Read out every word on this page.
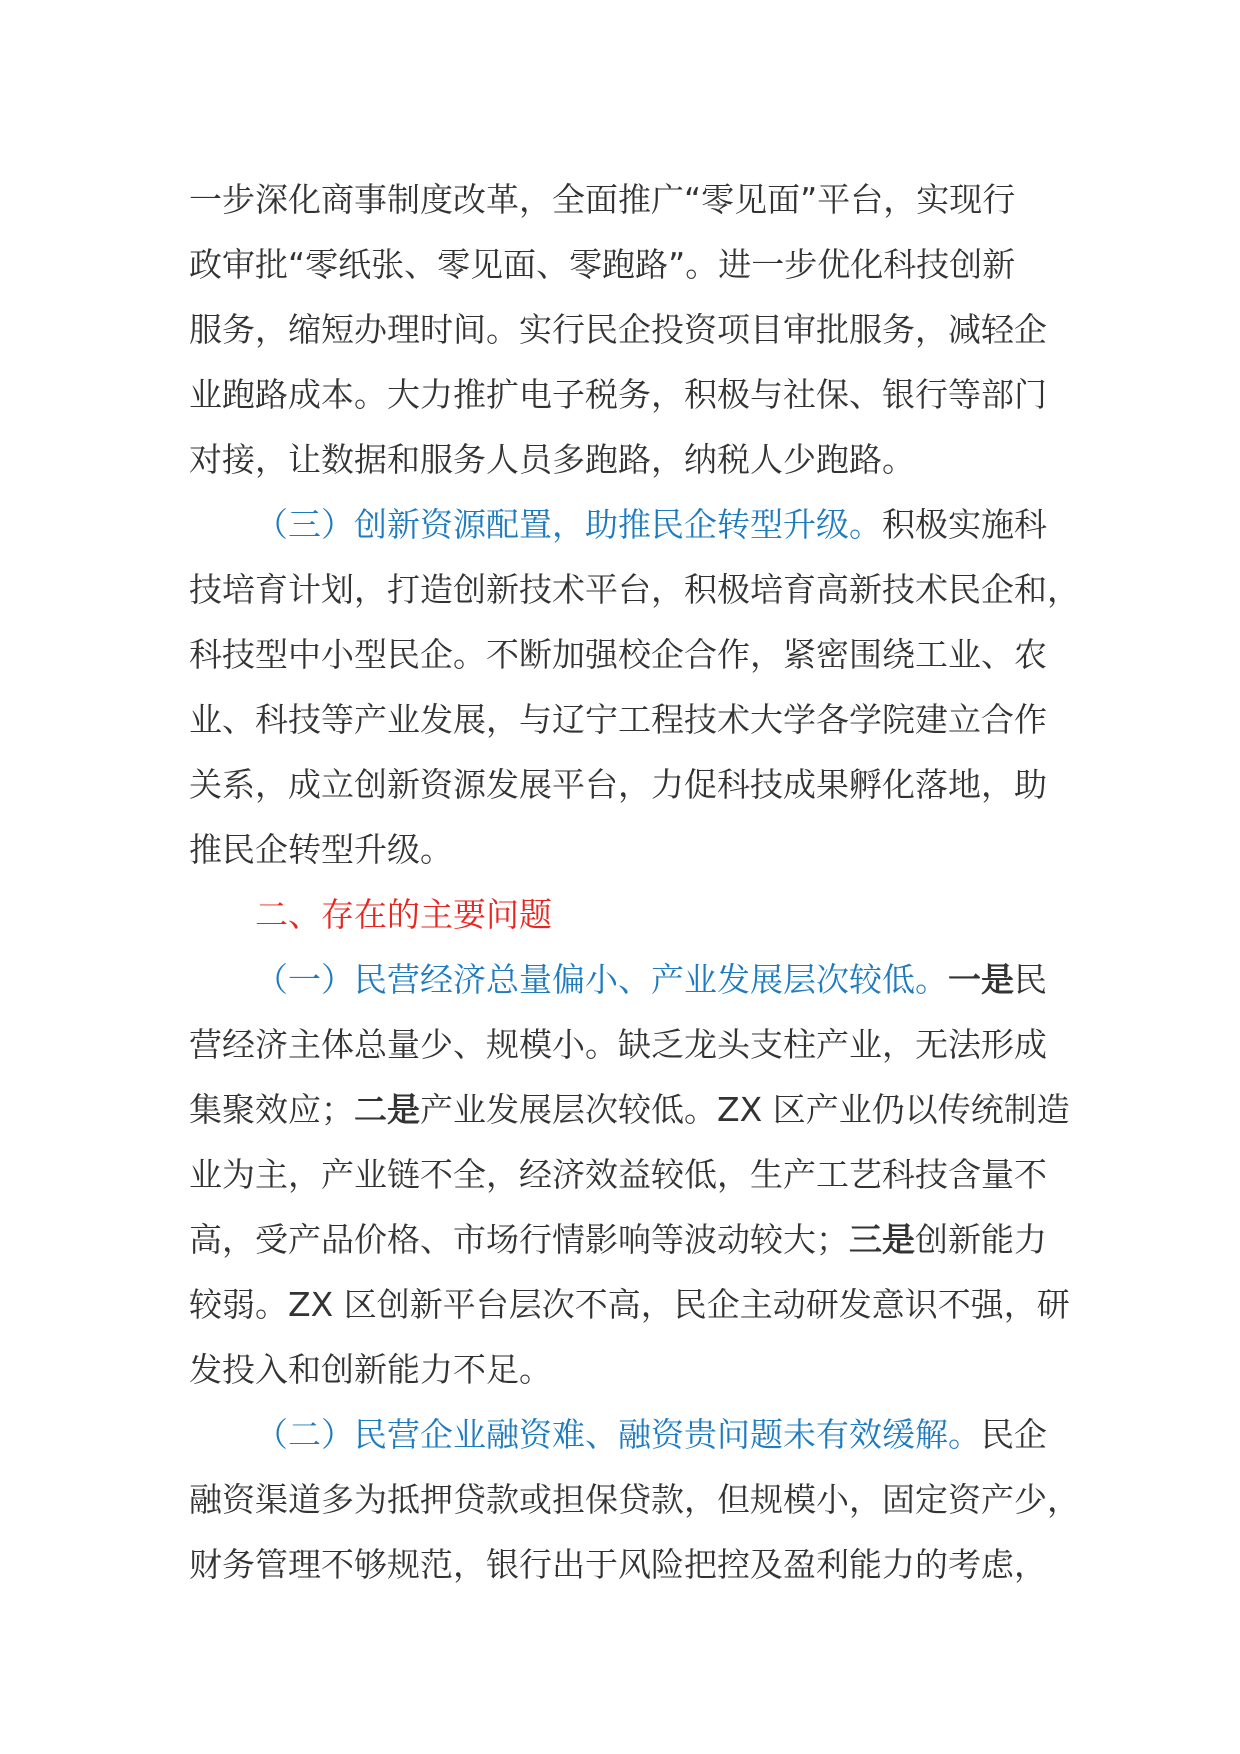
一步深化商事制度改革，全面推广“零见面”平台，实现行
政审批“零纸张、零见面、零跑路”。进一步优化科技创新
服务，缩短办理时间。实行民企投资项目审批服务，减轻企
业跑路成本。大力推扩电子税务，积极与社保、银行等部门
对接，让数据和服务人员多跑路，纳税人少跑路。

（三）创新资源配置，助推民企转型升级。积极实施科
技培育计划，打造创新技术平台，积极培育高新技术民企和，
科技型中小型民企。不断加强校企合作，紧密围绕工业、农
业、科技等产业发展，与辽宁工程技术大学各学院建立合作
关系，成立创新资源发展平台，力促科技成果孵化落地，助
推民企转型升级。

二、存在的主要问题

（一）民营经济总量偏小、产业发展层次较低。一是民
营经济主体总量少、规模小。缺乏龙头支柱产业，无法形成
集聚效应；二是产业发展层次较低。ZX 区产业仍以传统制造
业为主，产业链不全，经济效益较低，生产工艺科技含量不
高，受产品价格、市场行情影响等波动较大；三是创新能力
较弱。ZX 区创新平台层次不高，民企主动研发意识不强，研
发投入和创新能力不足。

（二）民营企业融资难、融资贵问题未有效缓解。民企
融资渠道多为抵押贷款或担保贷款，但规模小，固定资产少，
财务管理不够规范，银行出于风险把控及盈利能力的考虑，
